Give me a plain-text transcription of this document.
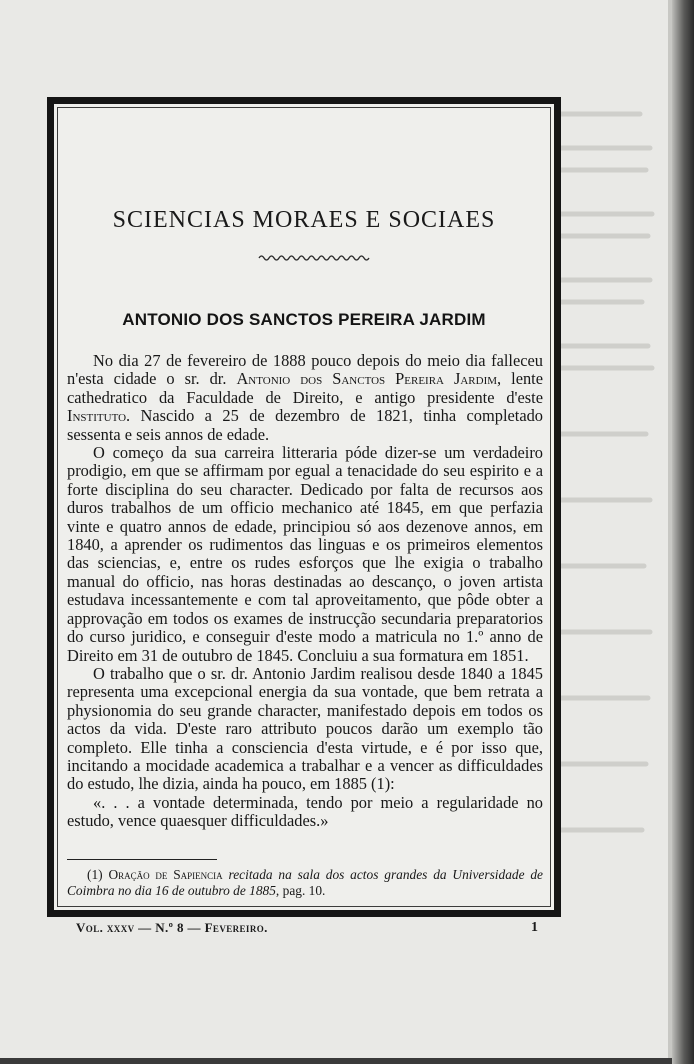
SCIENCIAS MORAES E SOCIAES
ANTONIO DOS SANCTOS PEREIRA JARDIM

No dia 27 de fevereiro de 1888 pouco depois do meio dia falleceu n'esta cidade o sr. dr. Antonio dos Sanctos Pereira Jardim, lente cathedratico da Faculdade de Direito, e antigo presidente d'este Instituto. Nascido a 25 de dezembro de 1821, tinha completado sessenta e seis annos de edade.

O começo da sua carreira litteraria póde dizer-se um verdadeiro prodigio, em que se affirmam por egual a tenacidade do seu espirito e a forte disciplina do seu character. Dedicado por falta de recursos aos duros trabalhos de um officio mechanico até 1845, em que perfazia vinte e quatro annos de edade, principiou só aos dezenove annos, em 1840, a aprender os rudimentos das linguas e os primeiros elementos das sciencias, e, entre os rudes esforços que lhe exigia o trabalho manual do officio, nas horas destinadas ao descanço, o joven artista estudava incessantemente e com tal aproveitamento, que pôde obter a approvação em todos os exames de instrucção secundaria preparatorios do curso juridico, e conseguir d'este modo a matricula no 1.º anno de Direito em 31 de outubro de 1845. Concluiu a sua formatura em 1851.

O trabalho que o sr. dr. Antonio Jardim realisou desde 1840 a 1845 representa uma excepcional energia da sua vontade, que bem retrata a physionomia do seu grande character, manifestado depois em todos os actos da vida. D'este raro attributo poucos darão um exemplo tão completo. Elle tinha a consciencia d'esta virtude, e é por isso que, incitando a mocidade academica a trabalhar e a vencer as difficuldades do estudo, lhe dizia, ainda ha pouco, em 1885 (1):

«. . . a vontade determinada, tendo por meio a regularidade no estudo, vence quaesquer difficuldades.»

(1) Oração de Sapiencia recitada na sala dos actos grandes da Universidade de Coimbra no dia 16 de outubro de 1885, pag. 10.
Vol. xxxv — N.º 8 — Fevereiro.	1
